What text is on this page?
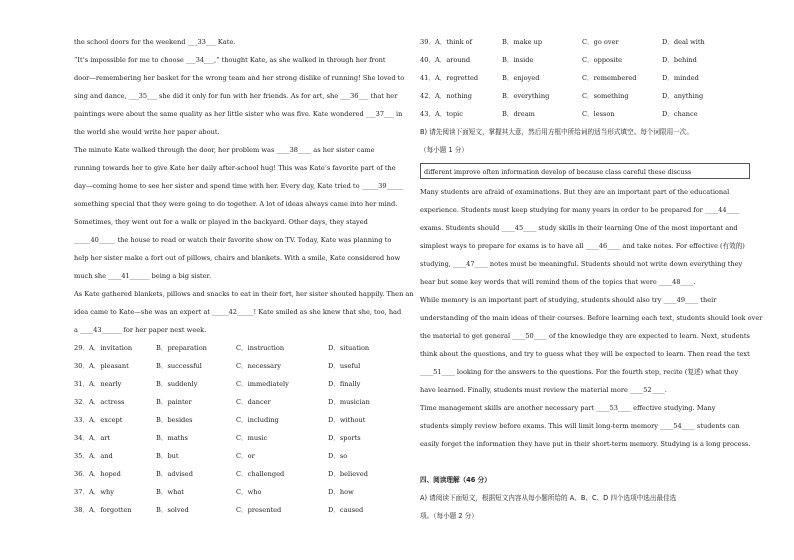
the school doors for the weekend ___33___ Kate.
“It’s impossible for me to choose ___34___,” thought Kate, as she walked in through her front
door—remembering her basket for the wrong team and her strong dislike of running! She loved to
sing and dance, ___35___ she did it only for fun with her friends. As for art, she ___36___ that her
paintings were about the same quality as her little sister who was five. Kate wondered ___37___ in
the world she would write her paper about.
The minute Kate walked through the door, her problem was ____38____ as her sister came
running towards her to give Kate her daily after-school hug! This was Kate’s favorite part of the
day—coming home to see her sister and spend time with her. Every day, Kate tried to _____39_____
something special that they were going to do together. A lot of ideas always came into her mind.
Sometimes, they went out for a walk or played in the backyard. Other days, they stayed
_____40_____ the house to read or watch their favorite show on TV. Today, Kate was planning to
help her sister make a fort out of pillows, chairs and blankets. With a smile, Kate considered how
much she ____41______ being a big sister.
As Kate gathered blankets, pillows and snacks to eat in their fort, her sister shouted happily. Then an
idea came to Kate—she was an expert at _____42_____! Kate smiled as she knew that she, too, had
a ____43______ for her paper next week.
29．A．invitation	B．preparation	C．instruction	D．situation
30．A．pleasant	B．successful	C．necessary	D．useful
31．A．nearly	B．suddenly	C．immediately	D．finally
32．A．actress	B．painter	C．dancer	D．musician
33．A．except	B．besides	C．including	D．without
34．A．art	B．maths	C．music	D．sports
35．A．and	B．but	C．or	D．so
36．A．hoped	B．advised	C．challenged	D．believed
37．A．why	B．what	C．who	D．how
38．A．forgotten	B．solved	C．presented	D．caused
39．A．think of	B．make up	C．go over	D．deal with
40．A．around	B．inside	C．opposite	D．behind
41．A．regretted	B．enjoyed	C．remembered	D．minded
42．A．nothing	B．everything	C．something	D．anything
43．A．topic	B．dream	C．lesson	D．chance
B) 请先阅读下面短文，掌握其大意，然后用方框中所给词的适当形式填空。每个词限用一次。
（每小题 1 分）
different improve often information develop of because class careful these discuss
Many students are afraid of examinations. But they are an important part of the educational
experience. Students must keep studying for many years in order to be prepared for ____44____
exams. Students should ____45____ study skills in their learning One of the most important and
simplest ways to prepare for exams is to have all ____46____ and take notes. For effective (有效的)
studying, ____47____ notes must be meaningful. Students should not write down everything they
hear but some key words that will remind them of the topics that were ____48____.
While memory is an important part of studying, students should also try ____49____ their
understanding of the main ideas of their courses. Before learning each text, students should look over
the material to get general ____50____ of the knowledge they are expected to learn. Next, students
think about the questions, and try to guess what they will be expected to learn. Then read the text
____51____ looking for the answers to the questions. For the fourth step, recite (复述) what they
have learned. Finally, students must review the material more ____52____.
Time management skills are another necessary part ____53____ effective studying. Many
students simply review before exams. This will limit long-term memory ____54____ students can
easily forget the information they have put in their short-term memory. Studying is a long process.
四、阅读理解（46 分）
A) 请阅读下面短文，根据短文内容从每小题所给的 A、B、C、D 四个选项中选出最佳选
项。（每小题 2 分）
